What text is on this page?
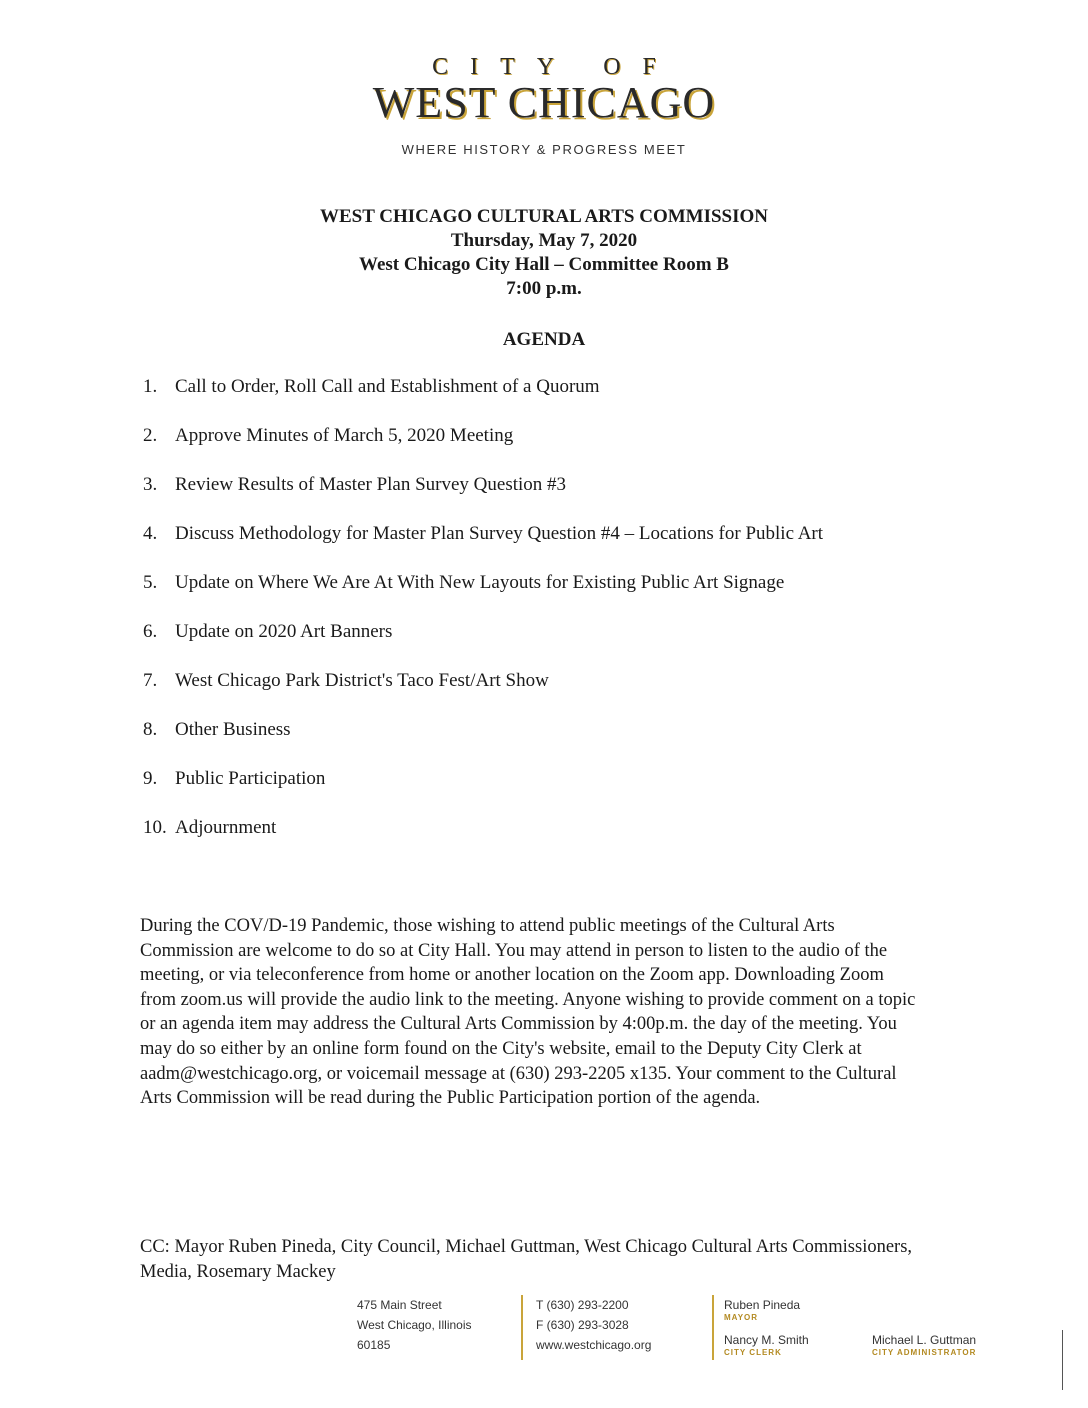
CITY OF
WEST CHICAGO
WHERE HISTORY & PROGRESS MEET
WEST CHICAGO CULTURAL ARTS COMMISSION
Thursday, May 7, 2020
West Chicago City Hall – Committee Room B
7:00 p.m.
AGENDA
1. Call to Order, Roll Call and Establishment of a Quorum
2. Approve Minutes of March 5, 2020 Meeting
3. Review Results of Master Plan Survey Question #3
4. Discuss Methodology for Master Plan Survey Question #4 – Locations for Public Art
5. Update on Where We Are At With New Layouts for Existing Public Art Signage
6. Update on 2020 Art Banners
7. West Chicago Park District's Taco Fest/Art Show
8. Other Business
9. Public Participation
10. Adjournment

During the COV/D-19 Pandemic, those wishing to attend public meetings of the Cultural Arts Commission are welcome to do so at City Hall. You may attend in person to listen to the audio of the meeting, or via teleconference from home or another location on the Zoom app. Downloading Zoom from zoom.us will provide the audio link to the meeting. Anyone wishing to provide comment on a topic or an agenda item may address the Cultural Arts Commission by 4:00p.m. the day of the meeting. You may do so either by an online form found on the City's website, email to the Deputy City Clerk at aadm@westchicago.org, or voicemail message at (630) 293-2205 x135. Your comment to the Cultural Arts Commission will be read during the Public Participation portion of the agenda.

CC: Mayor Ruben Pineda, City Council, Michael Guttman, West Chicago Cultural Arts Commissioners, Media, Rosemary Mackey

475 Main Street
West Chicago, Illinois
60185
T (630) 293-2200
F (630) 293-3028
www.westchicago.org
Ruben Pineda
MAYOR
Nancy M. Smith
CITY CLERK
Michael L. Guttman
CITY ADMINISTRATOR
